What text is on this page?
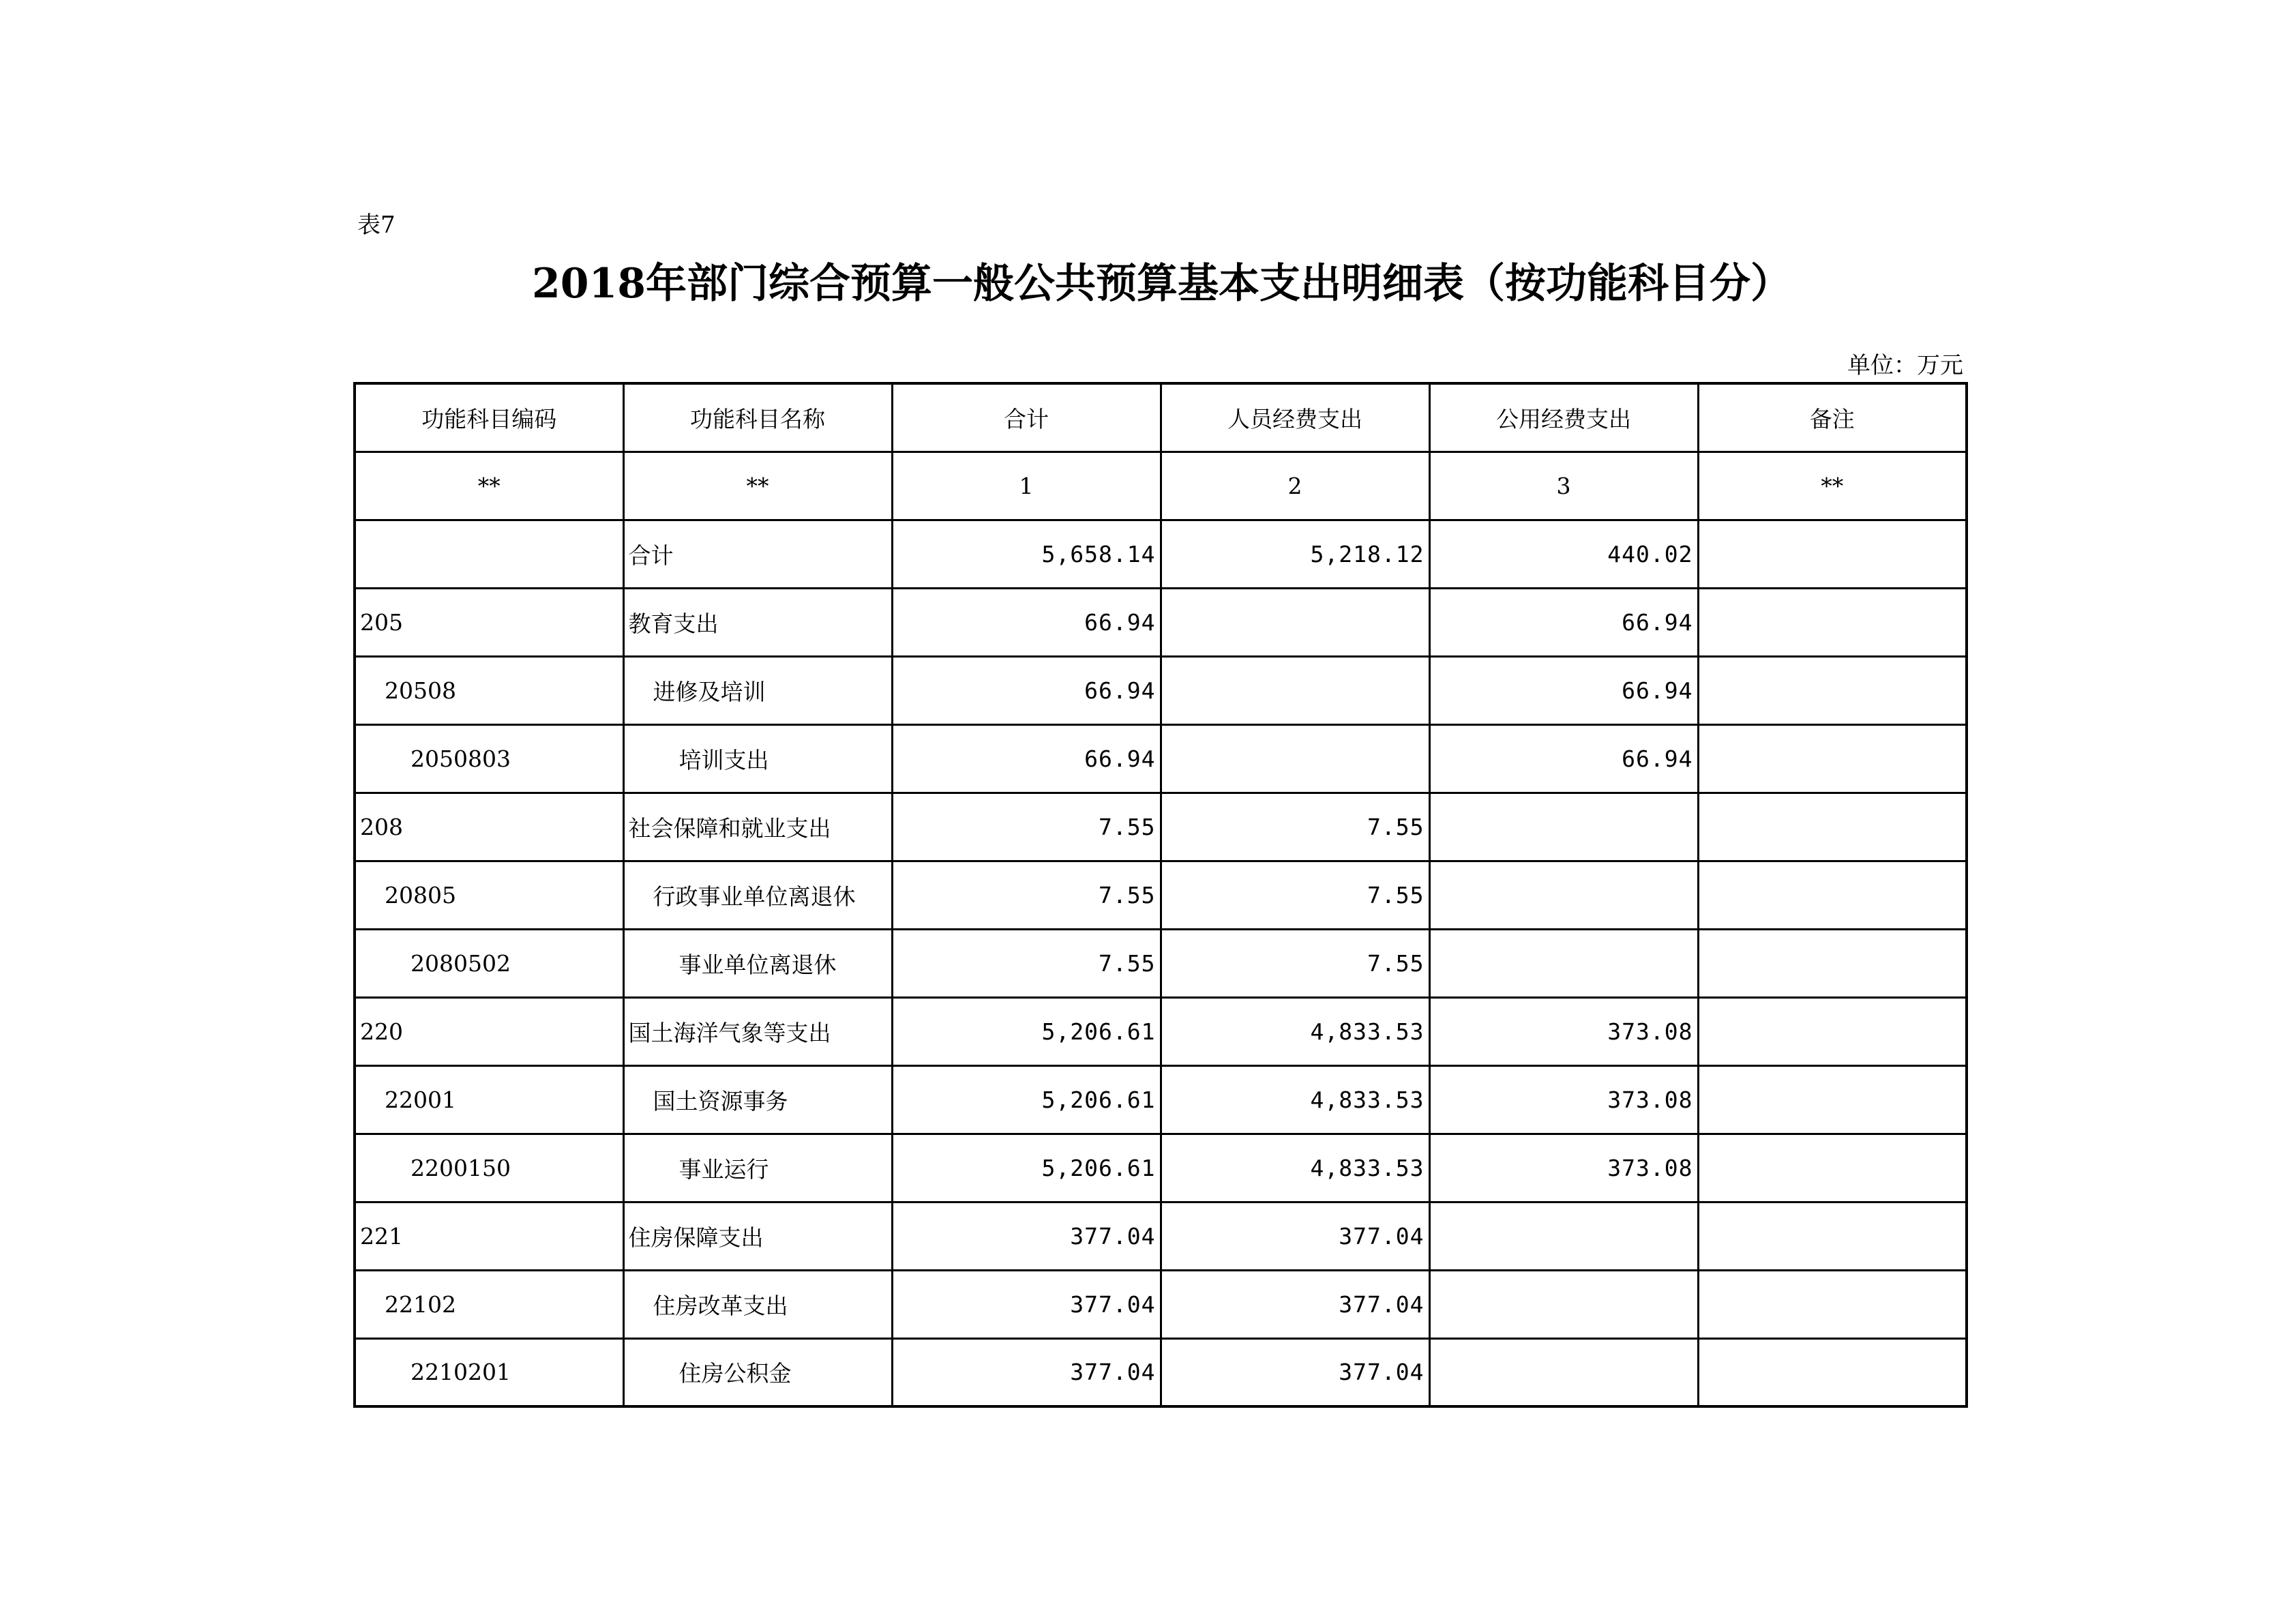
表7
2018年部门综合预算一般公共预算基本支出明细表（按功能科目分）
单位：万元
功能科目编码	功能科目名称	合计	人员经费支出	公用经费支出	备注
**	**	1	2	3	**
	合计	5,658.14	5,218.12	440.02	
205	教育支出	66.94		66.94	
20508	进修及培训	66.94		66.94	
2050803	培训支出	66.94		66.94	
208	社会保障和就业支出	7.55	7.55		
20805	行政事业单位离退休	7.55	7.55		
2080502	事业单位离退休	7.55	7.55		
220	国土海洋气象等支出	5,206.61	4,833.53	373.08	
22001	国土资源事务	5,206.61	4,833.53	373.08	
2200150	事业运行	5,206.61	4,833.53	373.08	
221	住房保障支出	377.04	377.04		
22102	住房改革支出	377.04	377.04		
2210201	住房公积金	377.04	377.04		
